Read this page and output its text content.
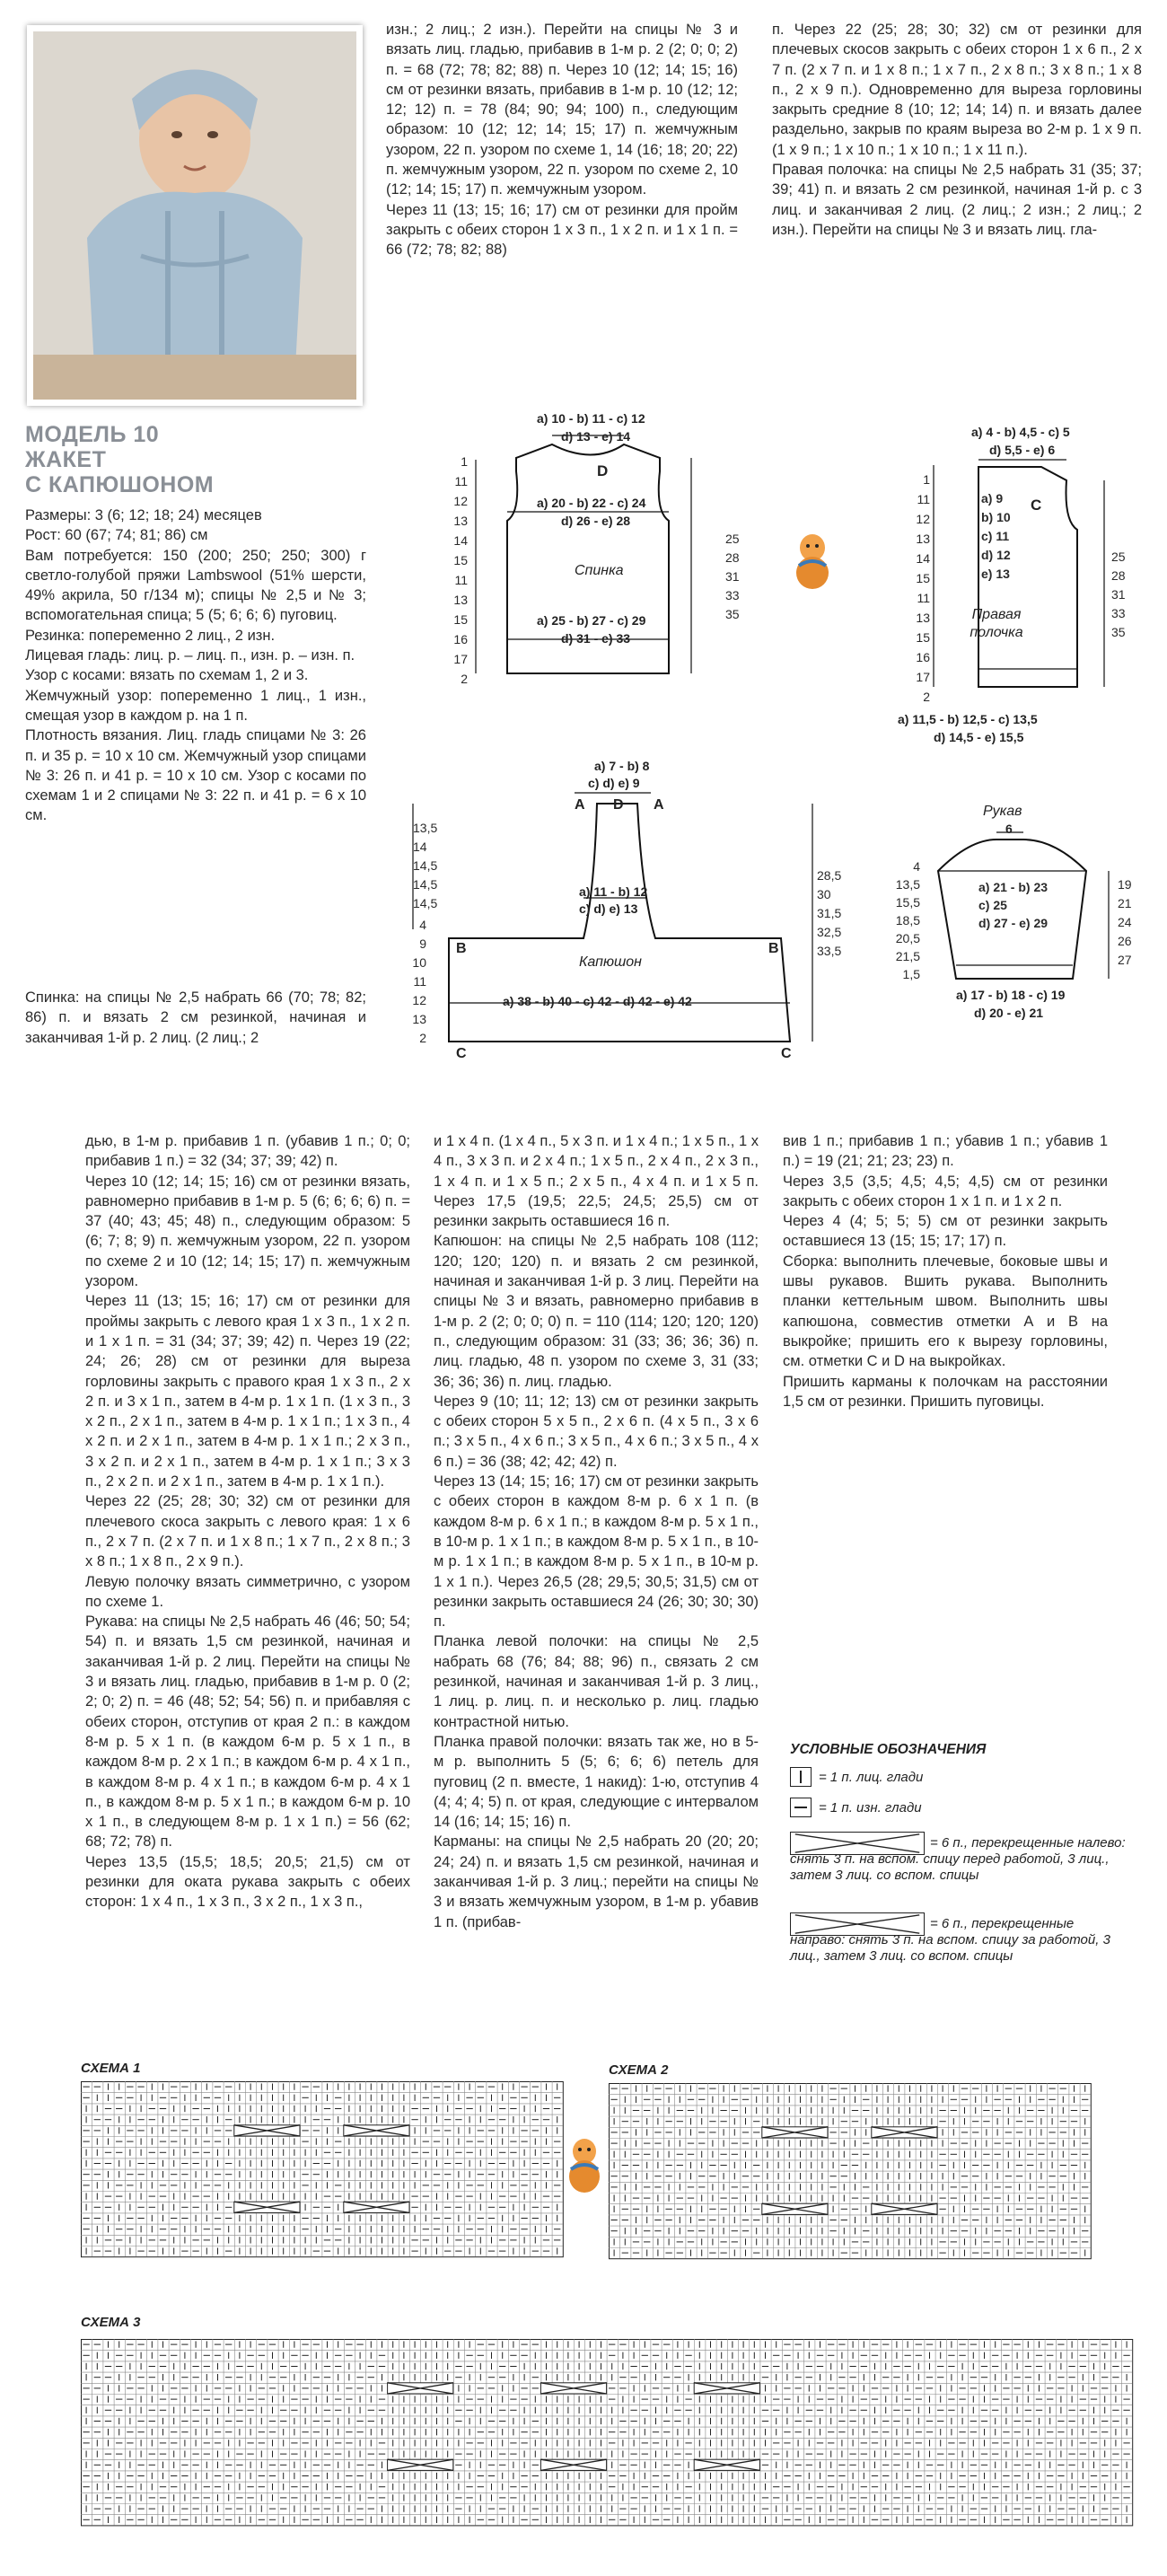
МОДЕЛЬ 10
ЖАКЕТ
С КАПЮШОНОМ
Размеры: 3 (6; 12; 18; 24) месяцев
Рост: 60 (67; 74; 81; 86) см
Вам потребуется: 150 (200; 250; 250; 300) г светло-голубой пряжи Lambswool (51% шерсти, 49% акрила, 50 г/134 м); спицы № 2,5 и № 3; вспомогательная спица; 5 (5; 6; 6; 6) пуговиц.
Резинка: попеременно 2 лиц., 2 изн.
Лицевая гладь: лиц. р. – лиц. п., изн. р. – изн. п.
Узор с косами: вязать по схемам 1, 2 и 3.
Жемчужный узор: попеременно 1 лиц., 1 изн., смещая узор в каждом р. на 1 п.
Плотность вязания. Лиц. гладь спицами № 3: 26 п. и 35 р. = 10 x 10 см. Жемчужный узор спицами № 3: 26 п. и 41 р. = 10 x 10 см. Узор с косами по схемам 1 и 2 спицами № 3: 22 п. и 41 р. = 6 x 10 см.
Спинка: на спицы № 2,5 набрать 66 (70; 78; 82; 86) п. и вязать 2 см резинкой, начиная и заканчивая 1-й р. 2 лиц. (2 лиц.; 2
изн.; 2 лиц.; 2 изн.). Перейти на спицы № 3 и вязать лиц. гладью, прибавив в 1-м р. 2 (2; 0; 0; 2) п. = 68 (72; 78; 82; 88) п. Через 10 (12; 14; 15; 16) см от резинки вязать, прибавив в 1-м р. 10 (12; 12; 12; 12) п. = 78 (84; 90; 94; 100) п., следующим образом: 10 (12; 12; 14; 15; 17) п. жемчужным узором, 22 п. узором по схеме 1, 14 (16; 18; 20; 22) п. жемчужным узором, 22 п. узором по схеме 2, 10 (12; 14; 15; 17) п. жемчужным узором.
Через 11 (13; 15; 16; 17) см от резинки для пройм закрыть с обеих сторон 1 x 3 п., 1 x 2 п. и 1 x 1 п. = 66 (72; 78; 82; 88)
п. Через 22 (25; 28; 30; 32) см от резинки для плечевых скосов закрыть с обеих сторон 1 x 6 п., 2 x 7 п. (2 x 7 п. и 1 x 8 п.; 1 x 7 п., 2 x 8 п.; 3 x 8 п.; 1 x 8 п., 2 x 9 п.). Одновременно для выреза горловины закрыть средние 8 (10; 12; 14; 14) п. и вязать далее раздельно, закрыв по краям выреза во 2-м р. 1 x 9 п. (1 x 9 п.; 1 x 10 п.; 1 x 10 п.; 1 x 11 п.).
Правая полочка: на спицы № 2,5 набрать 31 (35; 37; 39; 41) п. и вязать 2 см резинкой, начиная 1-й р. с 3 лиц. и заканчивая 2 лиц. (2 лиц.; 2 изн.; 2 лиц.; 2 изн.). Перейти на спицы № 3 и вязать лиц. гла-
a) 10 - b) 11 - c) 12
d) 13 - e) 14
D
a) 20 - b) 22 - c) 24
d) 26 - e) 28
Спинка
a) 25 - b) 27 - c) 29
d) 31 - e) 33
1
11
12
13
14
15
11
13
15
16
17
2
25
28
31
33
35
a) 4 - b) 4,5 - c) 5
d) 5,5 - e) 6
C
a) 9
b) 10
c) 11
d) 12
e) 13
Правая полочка
a) 11,5 - b) 12,5 - c) 13,5
d) 14,5 - e) 15,5
1
11
12
13
14
15
11
13
15
16
17
2
25
28
31
33
35
a) 7 - b) 8
c) d) e) 9
A D A
a) 11 - b) 12
c) d) e) 13
B	B
Капюшон
a) 38 - b) 40 - c) 42 - d) 42 - e) 42
C	C
13,5
14
14,5
14,5
14,5
4
9
10
11
12
13
2
28,5
30
31,5
32,5
33,5
Рукав
6
a) 21 - b) 23
c) 25
d) 27 - e) 29
a) 17 - b) 18 - c) 19
d) 20 - e) 21
4
13,5
15,5
18,5
20,5
21,5
1,5
19
21
24
26
27
дью, в 1-м р. прибавив 1 п. (убавив 1 п.; 0; 0; прибавив 1 п.) = 32 (34; 37; 39; 42) п.
Через 10 (12; 14; 15; 16) см от резинки вязать, равномерно прибавив в 1-м р. 5 (6; 6; 6; 6) п. = 37 (40; 43; 45; 48) п., следующим образом: 5 (6; 7; 8; 9) п. жемчужным узором, 22 п. узором по схеме 2 и 10 (12; 14; 15; 17) п. жемчужным узором.
Через 11 (13; 15; 16; 17) см от резинки для проймы закрыть с левого края 1 x 3 п., 1 x 2 п. и 1 x 1 п. = 31 (34; 37; 39; 42) п. Через 19 (22; 24; 26; 28) см от резинки для выреза горловины закрыть с правого края 1 x 3 п., 2 x 2 п. и 3 x 1 п., затем в 4-м р. 1 x 1 п. (1 x 3 п., 3 x 2 п., 2 x 1 п., затем в 4-м р. 1 x 1 п.; 1 x 3 п., 4 x 2 п. и 2 x 1 п., затем в 4-м р. 1 x 1 п.; 2 x 3 п., 3 x 2 п. и 2 x 1 п., затем в 4-м р. 1 x 1 п.; 3 x 3 п., 2 x 2 п. и 2 x 1 п., затем в 4-м р. 1 x 1 п.).
Через 22 (25; 28; 30; 32) см от резинки для плечевого скоса закрыть с левого края: 1 x 6 п., 2 x 7 п. (2 x 7 п. и 1 x 8 п.; 1 x 7 п., 2 x 8 п.; 3 x 8 п.; 1 x 8 п., 2 x 9 п.).
Левую полочку вязать симметрично, с узором по схеме 1.
Рукава: на спицы № 2,5 набрать 46 (46; 50; 54; 54) п. и вязать 1,5 см резинкой, начиная и заканчивая 1-й р. 2 лиц. Перейти на спицы № 3 и вязать лиц. гладью, прибавив в 1-м р. 0 (2; 2; 0; 2) п. = 46 (48; 52; 54; 56) п. и прибавляя с обеих сторон, отступив от края 2 п.: в каждом 8-м р. 5 x 1 п. (в каждом 6-м р. 5 x 1 п., в каждом 8-м р. 2 x 1 п.; в каждом 6-м р. 4 x 1 п., в каждом 8-м р. 4 x 1 п.; в каждом 6-м р. 4 x 1 п., в каждом 8-м р. 5 x 1 п.; в каждом 6-м р. 10 x 1 п., в следующем 8-м р. 1 x 1 п.) = 56 (62; 68; 72; 78) п.
Через 13,5 (15,5; 18,5; 20,5; 21,5) см от резинки для оката рукава закрыть с обеих сторон: 1 x 4 п., 1 x 3 п., 3 x 2 п., 1 x 3 п.,
и 1 x 4 п. (1 x 4 п., 5 x 3 п. и 1 x 4 п.; 1 x 5 п., 1 x 4 п., 3 x 3 п. и 2 x 4 п.; 1 x 5 п., 2 x 4 п., 2 x 3 п., 1 x 4 п. и 1 x 5 п.; 2 x 5 п., 4 x 4 п. и 1 x 5 п. Через 17,5 (19,5; 22,5; 24,5; 25,5) см от резинки закрыть оставшиеся 16 п.
Капюшон: на спицы № 2,5 набрать 108 (112; 120; 120; 120) п. и вязать 2 см резинкой, начиная и заканчивая 1-й р. 3 лиц. Перейти на спицы № 3 и вязать, равномерно прибавив в 1-м р. 2 (2; 0; 0; 0) п. = 110 (114; 120; 120; 120) п., следующим образом: 31 (33; 36; 36; 36) п. лиц. гладью, 48 п. узором по схеме 3, 31 (33; 36; 36; 36) п. лиц. гладью.
Через 9 (10; 11; 12; 13) см от резинки закрыть с обеих сторон 5 x 5 п., 2 x 6 п. (4 x 5 п., 3 x 6 п.; 3 x 5 п., 4 x 6 п.; 3 x 5 п., 4 x 6 п.; 3 x 5 п., 4 x 6 п.) = 36 (38; 42; 42; 42) п.
Через 13 (14; 15; 16; 17) см от резинки закрыть с обеих сторон в каждом 8-м р. 6 x 1 п. (в каждом 8-м р. 6 x 1 п.; в каждом 8-м р. 5 x 1 п., в 10-м р. 1 x 1 п.; в каждом 8-м р. 5 x 1 п., в 10-м р. 1 x 1 п.; в каждом 8-м р. 5 x 1 п., в 10-м р. 1 x 1 п.). Через 26,5 (28; 29,5; 30,5; 31,5) см от резинки закрыть оставшиеся 24 (26; 30; 30; 30) п.
Планка левой полочки: на спицы № 2,5 набрать 68 (76; 84; 88; 96) п., связать 2 см резинкой, начиная и заканчивая 1-й р. 3 лиц., 1 лиц. р. лиц. п. и несколько р. лиц. гладью контрастной нитью.
Планка правой полочки: вязать так же, но в 5-м р. выполнить 5 (5; 6; 6; 6) петель для пуговиц (2 п. вместе, 1 накид): 1-ю, отступив 4 (4; 4; 4; 5) п. от края, следующие с интервалом 14 (16; 14; 15; 16) п.
Карманы: на спицы № 2,5 набрать 20 (20; 20; 24; 24) п. и вязать 1,5 см резинкой, начиная и заканчивая 1-й р. 3 лиц.; перейти на спицы № 3 и вязать жемчужным узором, в 1-м р. убавив 1 п. (прибав-
вив 1 п.; прибавив 1 п.; убавив 1 п.; убавив 1 п.) = 19 (21; 21; 23; 23) п.
Через 3,5 (3,5; 4,5; 4,5; 4,5) см от резинки закрыть с обеих сторон 1 x 1 п. и 1 x 2 п.
Через 4 (4; 5; 5; 5) см от резинки закрыть оставшиеся 13 (15; 15; 17; 17) п.
Сборка: выполнить плечевые, боковые швы и швы рукавов. Вшить рукава. Выполнить планки кеттельным швом. Выполнить швы капюшона, совместив отметки А и В на выкройке; пришить его к вырезу горловины, см. отметки С и D на выкройках.
Пришить карманы к полочкам на расстоянии 1,5 см от резинки. Пришить пуговицы.
УСЛОВНЫЕ ОБОЗНАЧЕНИЯ
= 1 п. лиц. глади
= 1 п. изн. глади
= 6 п., перекрещенные налево: снять 3 п. на вспом. спицу перед работой, 3 лиц., затем 3 лиц. со вспом. спицы
= 6 п., перекрещенные направо: снять 3 п. на вспом. спицу за работой, 3 лиц., затем 3 лиц. со вспом. спицы
СХЕМА 1	СХЕМА 2
СХЕМА 3
